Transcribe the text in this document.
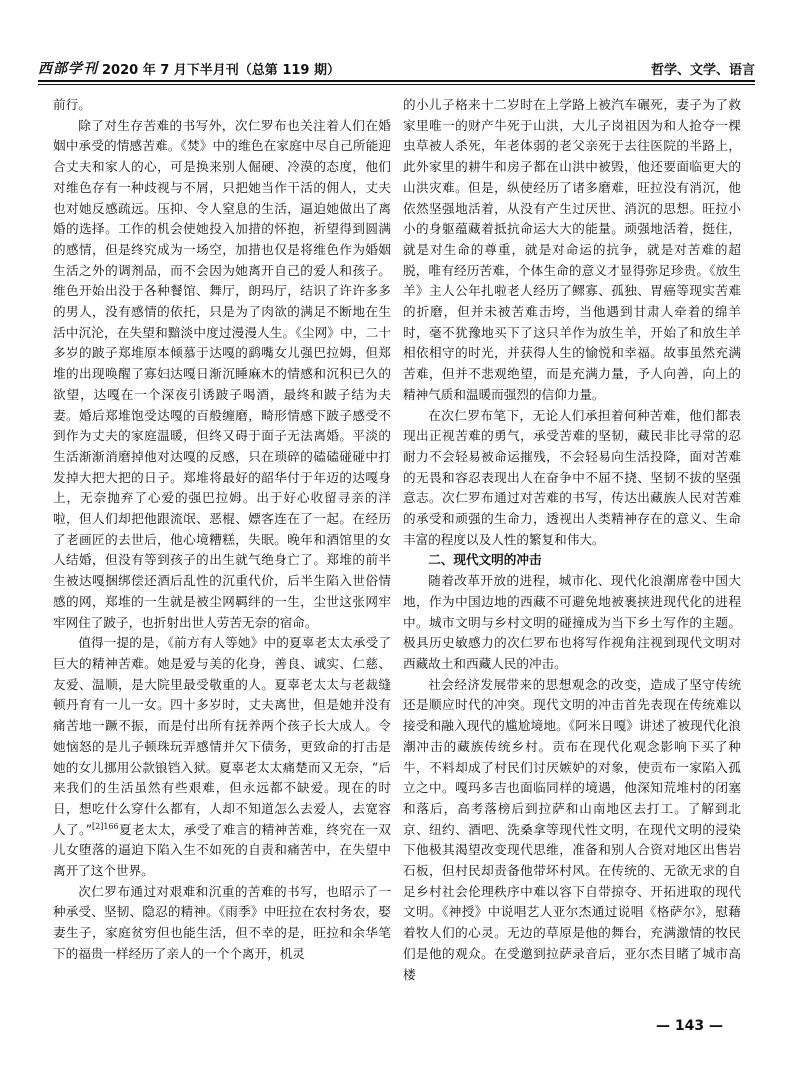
西部学刊 2020 年 7 月下半月刊（总第 119 期）	哲学、文学、语言

前行。

除了对生存苦难的书写外，次仁罗布也关注着人们在婚姻中承受的情感苦难。《焚》中的维色在家庭中尽自己所能迎合丈夫和家人的心，可是换来别人倔硬、冷漠的态度，他们对维色存有一种歧视与不屑，只把她当作干活的佣人，丈夫也对她反感疏远。压抑、令人窒息的生活，逼迫她做出了离婚的选择。工作的机会使她投入加措的怀抱，祈望得到圆满的感情，但是终究成为一场空，加措也仅是将维色作为婚姻生活之外的调剂品，而不会因为她离开自己的爱人和孩子。维色开始出没于各种餐馆、舞厅，朗玛厅，结识了许许多多的男人，没有感情的依托，只是为了肉欲的满足不断地在生活中沉沦，在失望和黯淡中度过漫漫人生。《尘网》中，二十多岁的跛子郑堆原本倾慕于达嘎的鹞嘴女儿强巴拉姆，但郑堆的出现唤醒了寡妇达嘎日渐沉睡麻木的情感和沉积已久的欲望，达嘎在一个深夜引诱跛子喝酒，最终和跛子结为夫妻。婚后郑堆饱受达嘎的百般缠磨，畸形情感下跛子感受不到作为丈夫的家庭温暖，但终又碍于面子无法离婚。平淡的生活渐渐消磨掉他对达嘎的反感，只在琐碎的磕磕碰碰中打发掉大把大把的日子。郑堆将最好的韶华付于年迈的达嘎身上，无奈抛弃了心爱的强巴拉姆。出于好心收留寻亲的洋啦，但人们却把他跟流氓、恶棍、嫖客连在了一起。在经历了老画匠的去世后，他心境糟糕，失眠。晚年和酒馆里的女人结婚，但没有等到孩子的出生就气绝身亡了。郑堆的前半生被达嘎捆绑偿还酒后乱性的沉重代价，后半生陷入世俗情感的网，郑堆的一生就是被尘网羁绊的一生，尘世这张网牢牢网住了跛子，也折射出世人劳苦无奈的宿命。

值得一提的是，《前方有人等她》中的夏辜老太太承受了巨大的精神苦难。她是爱与美的化身，善良、诚实、仁慈、友爱、温顺，是大院里最受敬重的人。夏辜老太太与老裁缝顿丹育有一儿一女。四十多岁时，丈夫离世，但是她并没有痛苦地一蹶不振，而是付出所有抚养两个孩子长大成人。令她恼怒的是儿子顿珠玩弄感情并欠下债务，更致命的打击是她的女儿挪用公款锒铛入狱。夏辜老太太痛楚而又无奈，“后来我们的生活虽然有些艰难，但永远都不缺爱。现在的时日，想吃什么穿什么都有，人却不知道怎么去爱人，去宽容人了。”$^{[2]166}$夏老太太，承受了难言的精神苦难，终究在一双儿女堕落的逼迫下陷入生不如死的自责和痛苦中，在失望中离开了这个世界。

次仁罗布通过对艰难和沉重的苦难的书写，也昭示了一种承受、坚韧、隐忍的精神。《雨季》中旺拉在农村务农，娶妻生子，家庭贫穷但也能生活，但不幸的是，旺拉和余华笔下的福贵一样经历了亲人的一个个离开，机灵

的小儿子格来十二岁时在上学路上被汽车碾死，妻子为了救家里唯一的财产牛死于山洪，大儿子岗祖因为和人抢夺一棵虫草被人杀死，年老体弱的老父亲死于去往医院的半路上，此外家里的耕牛和房子都在山洪中被毁，他还要面临更大的山洪灾难。但是，纵使经历了诸多磨难，旺拉没有消沉，他依然坚强地活着，从没有产生过厌世、消沉的思想。旺拉小小的身躯蕴藏着抵抗命运大大的能量。顽强地活着，挺住，就是对生命的尊重，就是对命运的抗争，就是对苦难的超脱，唯有经历苦难，个体生命的意义才显得弥足珍贵。《放生羊》主人公年扎啦老人经历了鳏寡、孤独、胃癌等现实苦难的折磨，但并未被苦难击垮，当他遇到甘肃人牵着的绵羊时，毫不犹豫地买下了这只羊作为放生羊，开始了和放生羊相依相守的时光，并获得人生的愉悦和幸福。故事虽然充满苦难，但并不悲观绝望，而是充满力量，予人向善，向上的精神气质和温暖而强烈的信仰力量。

在次仁罗布笔下，无论人们承担着何种苦难，他们都表现出正视苦难的勇气，承受苦难的坚韧，藏民非比寻常的忍耐力不会轻易被命运摧残，不会轻易向生活投降，面对苦难的无畏和容忍表现出人在奋争中不屈不挠、坚韧不拔的坚强意志。次仁罗布通过对苦难的书写，传达出藏族人民对苦难的承受和顽强的生命力，透视出人类精神存在的意义、生命丰富的程度以及人性的繁复和伟大。

二、现代文明的冲击

随着改革开放的进程，城市化、现代化浪潮席卷中国大地，作为中国边地的西藏不可避免地被裹挟进现代化的进程中。城市文明与乡村文明的碰撞成为当下乡土写作的主题。极具历史敏感力的次仁罗布也将写作视角注视到现代文明对西藏故土和西藏人民的冲击。

社会经济发展带来的思想观念的改变，造成了坚守传统还是顺应时代的冲突。现代文明的冲击首先表现在传统难以接受和融入现代的尴尬境地。《阿米日嘎》讲述了被现代化浪潮冲击的藏族传统乡村。贡布在现代化观念影响下买了种牛，不料却成了村民们讨厌嫉妒的对象，使贡布一家陷入孤立之中。嘎玛多吉也面临同样的境遇，他深知荒堆村的闭塞和落后，高考落榜后到拉萨和山南地区去打工。了解到北京、纽约、酒吧、洗桑拿等现代性文明，在现代文明的浸染下他极其渴望改变现代思维，准备和别人合资对地区出售岩石板，但村民却责备他带坏村风。在传统的、无欲无求的自足乡村社会伦理秩序中难以容下自带掠夺、开拓进取的现代文明。《神授》中说唱艺人亚尔杰通过说唱《格萨尔》，慰藉着牧人们的心灵。无边的草原是他的舞台，充满激情的牧民们是他的观众。在受邀到拉萨录音后，亚尔杰目睹了城市高楼

— 143 —
